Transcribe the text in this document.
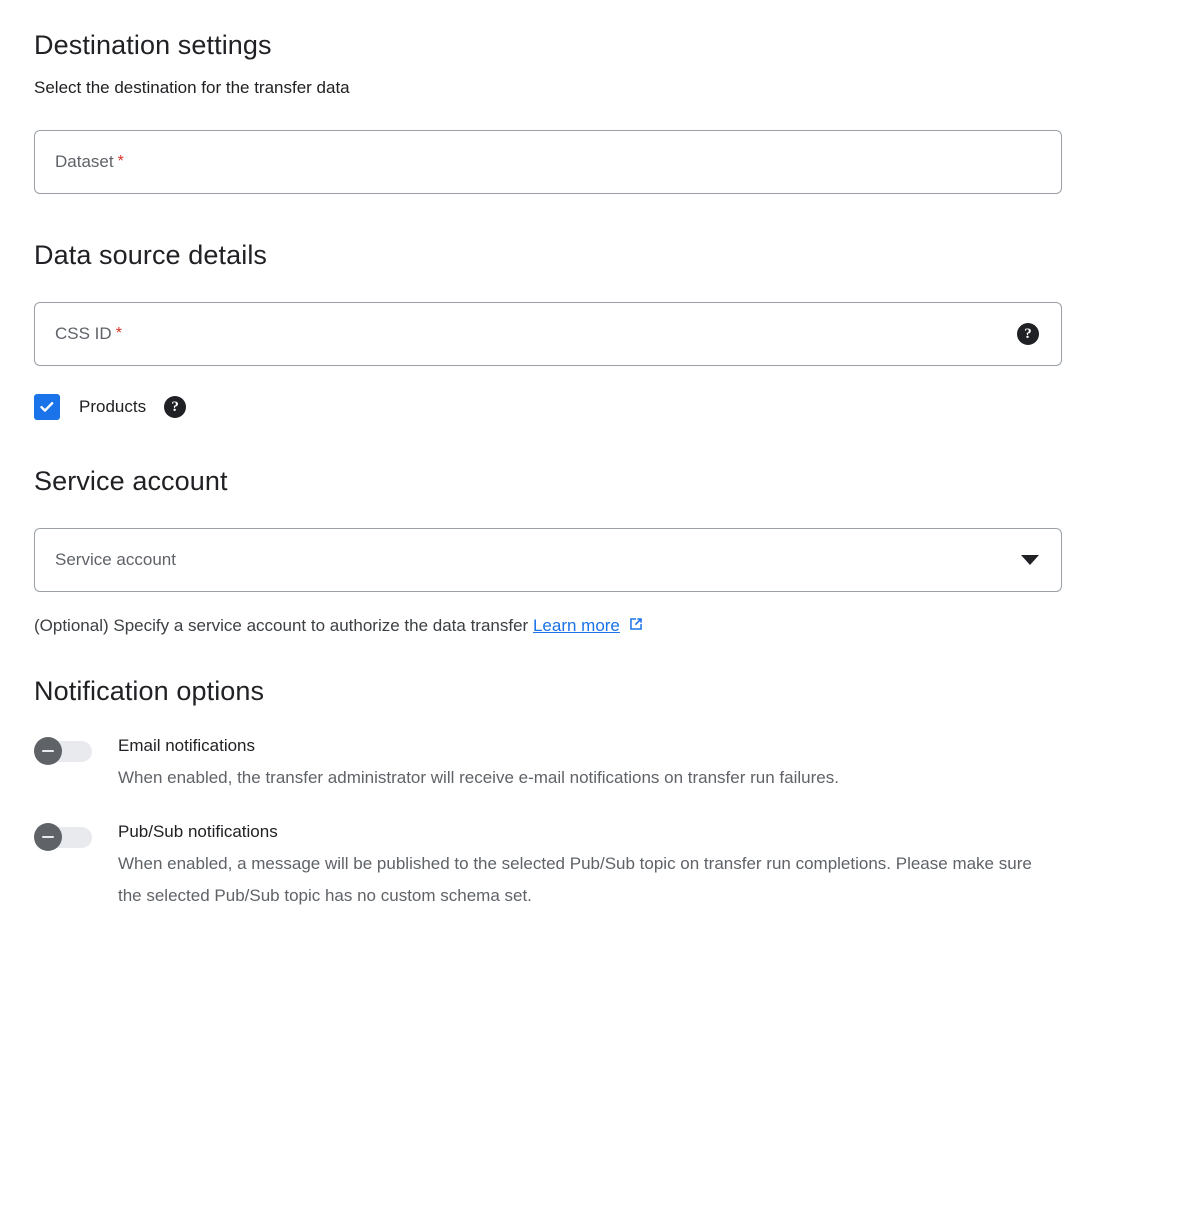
Destination settings

Select the destination for the transfer data

Dataset *
Data source details
CSS ID *	?
Products	?
Service account
Service account
(Optional) Specify a service account to authorize the data transfer Learn more
Notification options
Email notifications
When enabled, the transfer administrator will receive e-mail notifications on transfer run failures.
Pub/Sub notifications
When enabled, a message will be published to the selected Pub/Sub topic on transfer run completions. Please make sure the selected Pub/Sub topic has no custom schema set.
